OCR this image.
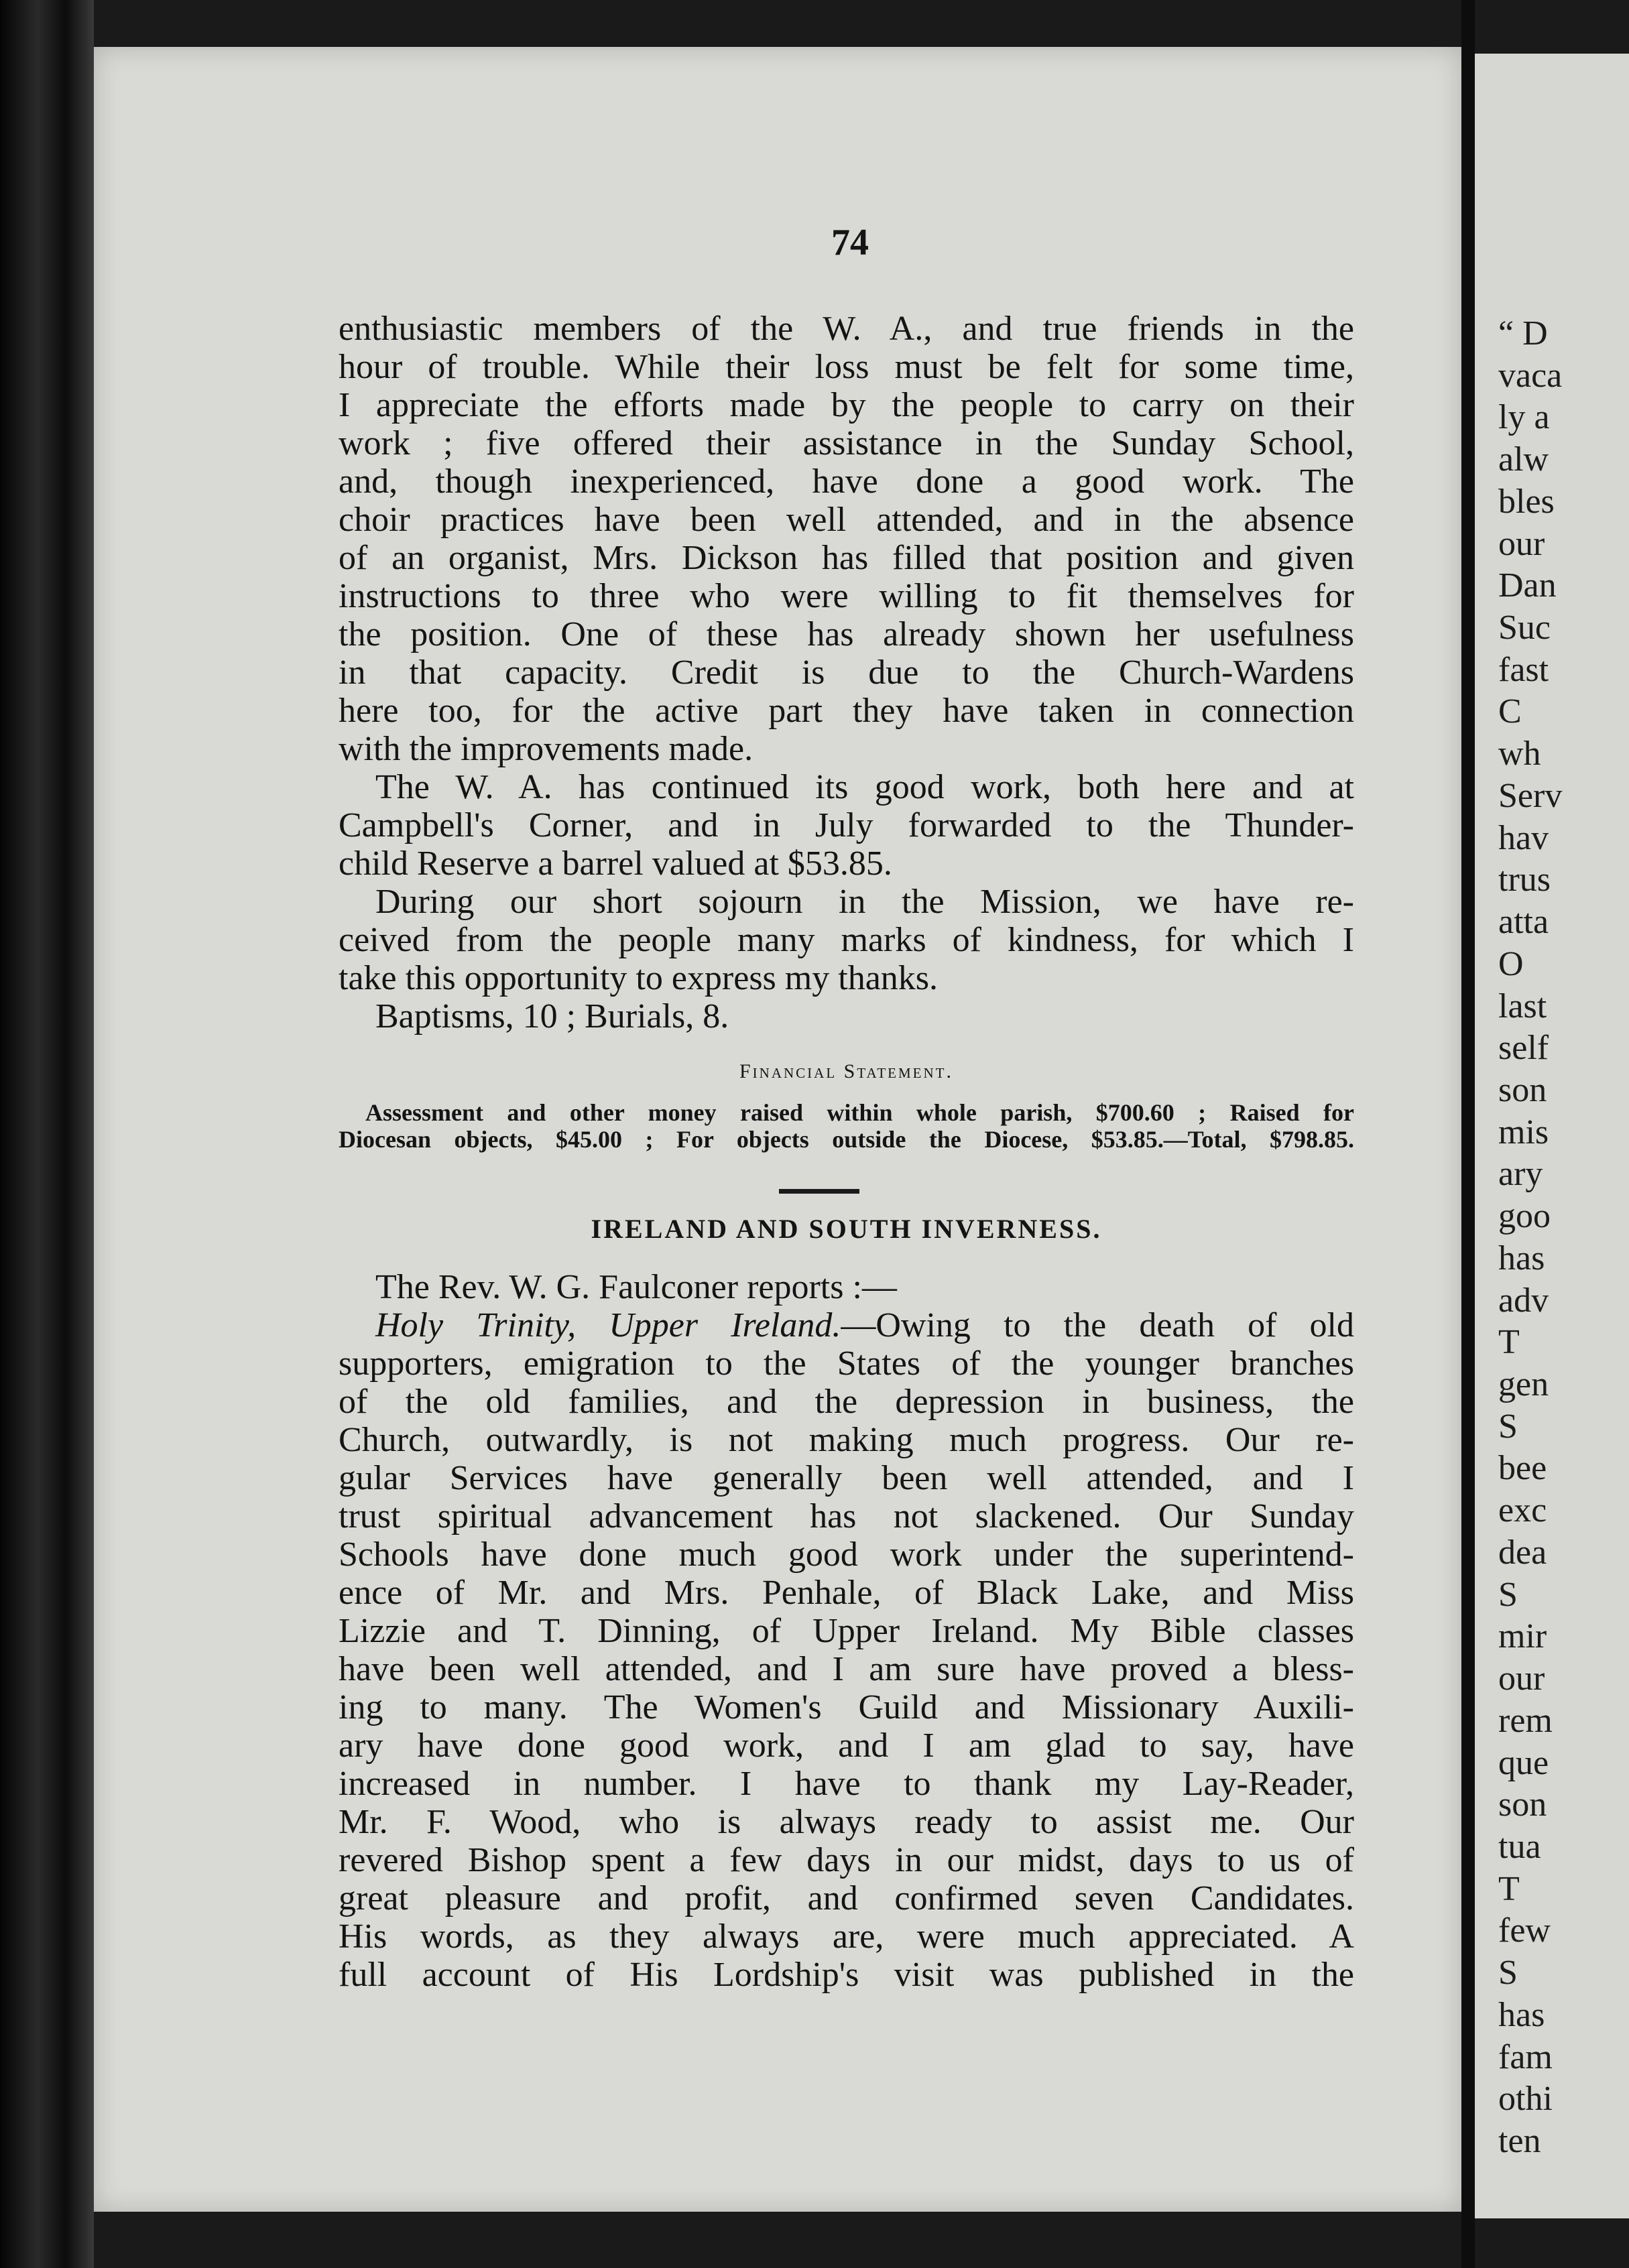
“ D
vaca
ly a
alw
bles
our
Dan
Suc
fast
C
wh
Serv
hav
trus
atta
O
last
self
son
mis
ary
goo
has
adv
T
gen
S
bee
exc
dea
S
mir
our
rem
que
son
tua
T
few
S
has
fam
othi
ten
74
enthusiastic members of the W. A., and true friends in the
hour of trouble. While their loss must be felt for some time,
I appreciate the efforts made by the people to carry on their
work ; five offered their assistance in the Sunday School,
and, though inexperienced, have done a good work. The
choir practices have been well attended, and in the absence
of an organist, Mrs. Dickson has filled that position and given
instructions to three who were willing to fit themselves for
the position. One of these has already shown her usefulness
in that capacity. Credit is due to the Church-Wardens
here too, for the active part they have taken in connection
with the improvements made.
The W. A. has continued its good work, both here and at
Campbell's Corner, and in July forwarded to the Thunder-
child Reserve a barrel valued at $53.85.
During our short sojourn in the Mission, we have re-
ceived from the people many marks of kindness, for which I
take this opportunity to express my thanks.
Baptisms, 10 ; Burials, 8.
Financial Statement.
Assessment and other money raised within whole parish, $700.60 ; Raised for
Diocesan objects, $45.00 ; For objects outside the Diocese, $53.85.—Total, $798.85.
IRELAND AND SOUTH INVERNESS.
The Rev. W. G. Faulconer reports :—
Holy Trinity, Upper Ireland.—Owing to the death of old
supporters, emigration to the States of the younger branches
of the old families, and the depression in business, the
Church, outwardly, is not making much progress. Our re-
gular Services have generally been well attended, and I
trust spiritual advancement has not slackened. Our Sunday
Schools have done much good work under the superintend-
ence of Mr. and Mrs. Penhale, of Black Lake, and Miss
Lizzie and T. Dinning, of Upper Ireland. My Bible classes
have been well attended, and I am sure have proved a bless-
ing to many. The Women's Guild and Missionary Auxili-
ary have done good work, and I am glad to say, have
increased in number. I have to thank my Lay-Reader,
Mr. F. Wood, who is always ready to assist me. Our
revered Bishop spent a few days in our midst, days to us of
great pleasure and profit, and confirmed seven Candidates.
His words, as they always are, were much appreciated. A
full account of His Lordship's visit was published in the
